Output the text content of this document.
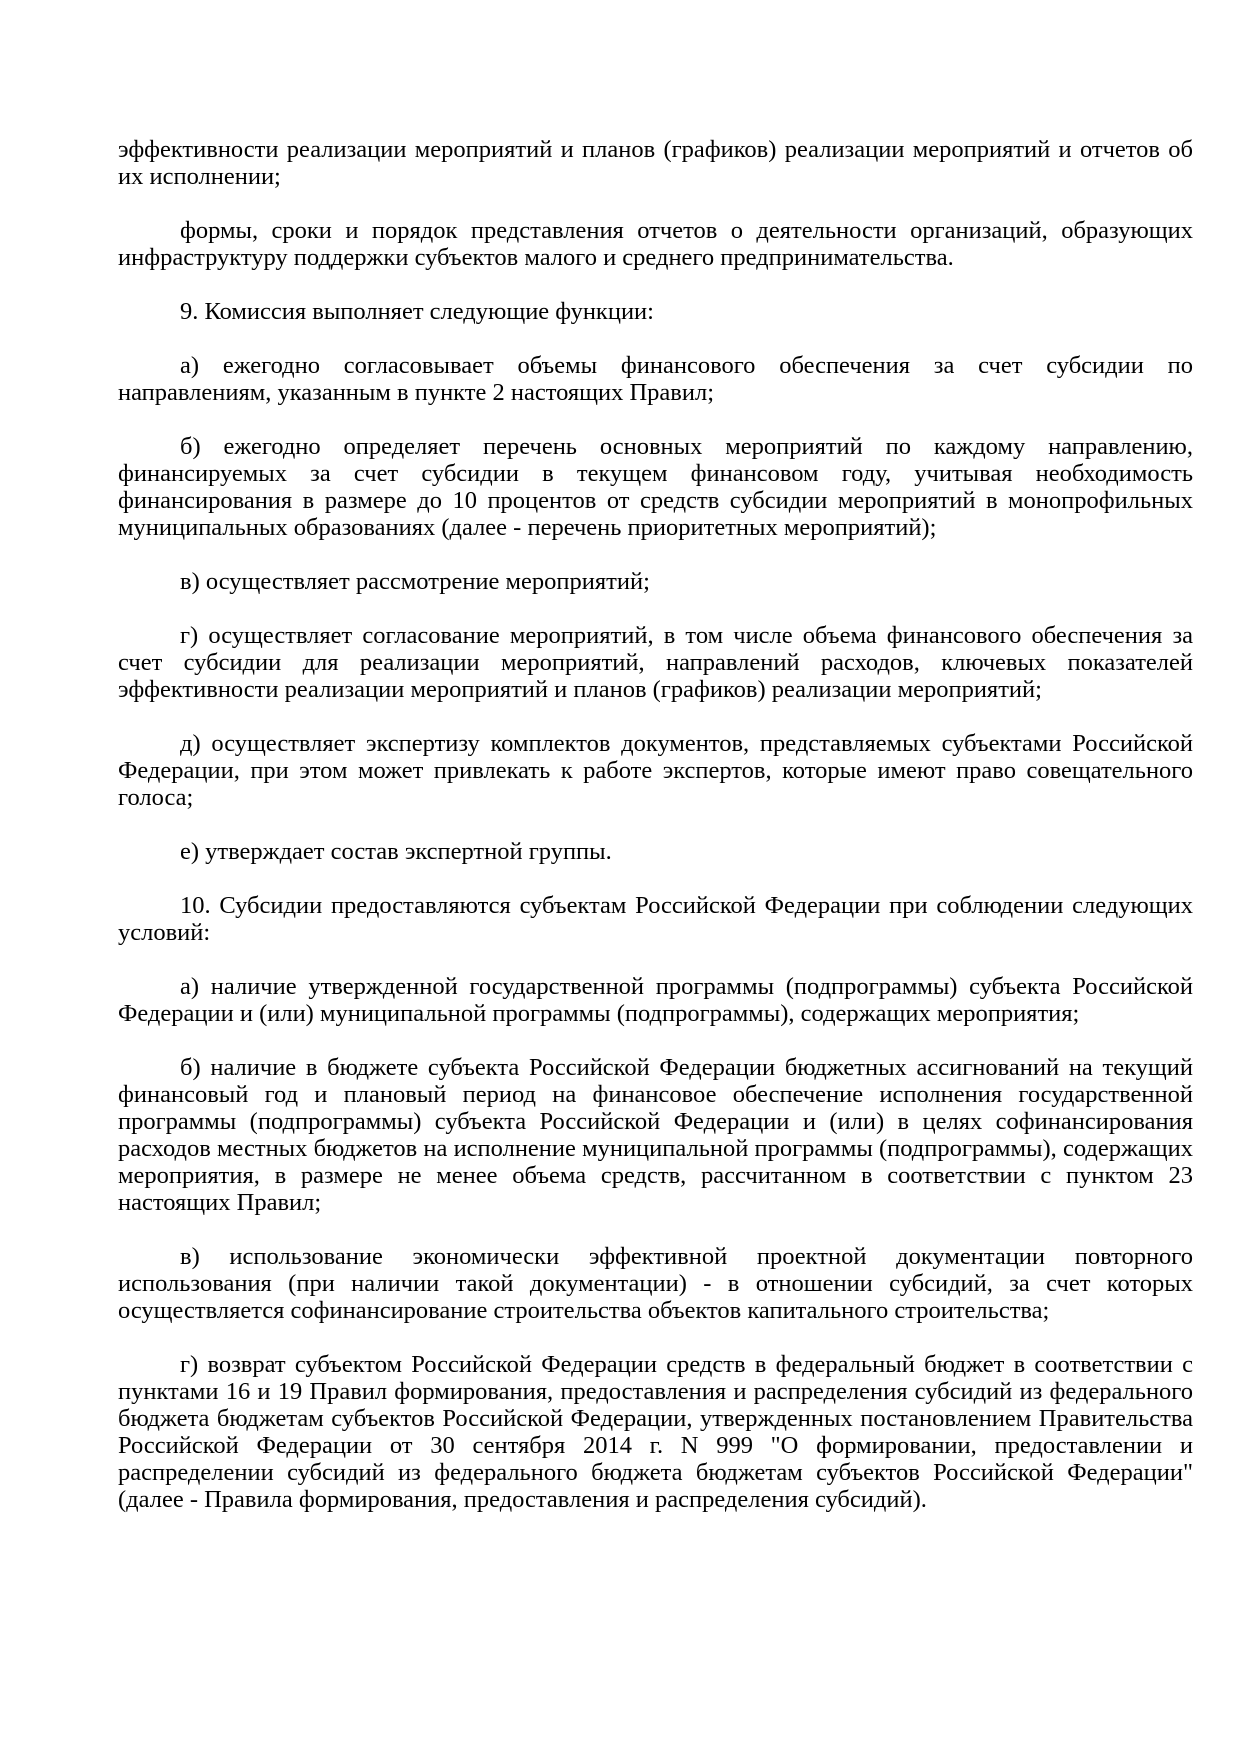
эффективности реализации мероприятий и планов (графиков) реализации мероприятий и отчетов об их исполнении;

формы, сроки и порядок представления отчетов о деятельности организаций, образующих инфраструктуру поддержки субъектов малого и среднего предпринимательства.

9. Комиссия выполняет следующие функции:

а) ежегодно согласовывает объемы финансового обеспечения за счет субсидии по направлениям, указанным в пункте 2 настоящих Правил;

б) ежегодно определяет перечень основных мероприятий по каждому направлению, финансируемых за счет субсидии в текущем финансовом году, учитывая необходимость финансирования в размере до 10 процентов от средств субсидии мероприятий в монопрофильных муниципальных образованиях (далее - перечень приоритетных мероприятий);

в) осуществляет рассмотрение мероприятий;

г) осуществляет согласование мероприятий, в том числе объема финансового обеспечения за счет субсидии для реализации мероприятий, направлений расходов, ключевых показателей эффективности реализации мероприятий и планов (графиков) реализации мероприятий;

д) осуществляет экспертизу комплектов документов, представляемых субъектами Российской Федерации, при этом может привлекать к работе экспертов, которые имеют право совещательного голоса;

е) утверждает состав экспертной группы.

10. Субсидии предоставляются субъектам Российской Федерации при соблюдении следующих условий:

а) наличие утвержденной государственной программы (подпрограммы) субъекта Российской Федерации и (или) муниципальной программы (подпрограммы), содержащих мероприятия;

б) наличие в бюджете субъекта Российской Федерации бюджетных ассигнований на текущий финансовый год и плановый период на финансовое обеспечение исполнения государственной программы (подпрограммы) субъекта Российской Федерации и (или) в целях софинансирования расходов местных бюджетов на исполнение муниципальной программы (подпрограммы), содержащих мероприятия, в размере не менее объема средств, рассчитанном в соответствии с пунктом 23 настоящих Правил;

в) использование экономически эффективной проектной документации повторного использования (при наличии такой документации) - в отношении субсидий, за счет которых осуществляется софинансирование строительства объектов капитального строительства;

г) возврат субъектом Российской Федерации средств в федеральный бюджет в соответствии с пунктами 16 и 19 Правил формирования, предоставления и распределения субсидий из федерального бюджета бюджетам субъектов Российской Федерации, утвержденных постановлением Правительства Российской Федерации от 30 сентября 2014 г. N 999 "О формировании, предоставлении и распределении субсидий из федерального бюджета бюджетам субъектов Российской Федерации" (далее - Правила формирования, предоставления и распределения субсидий).
